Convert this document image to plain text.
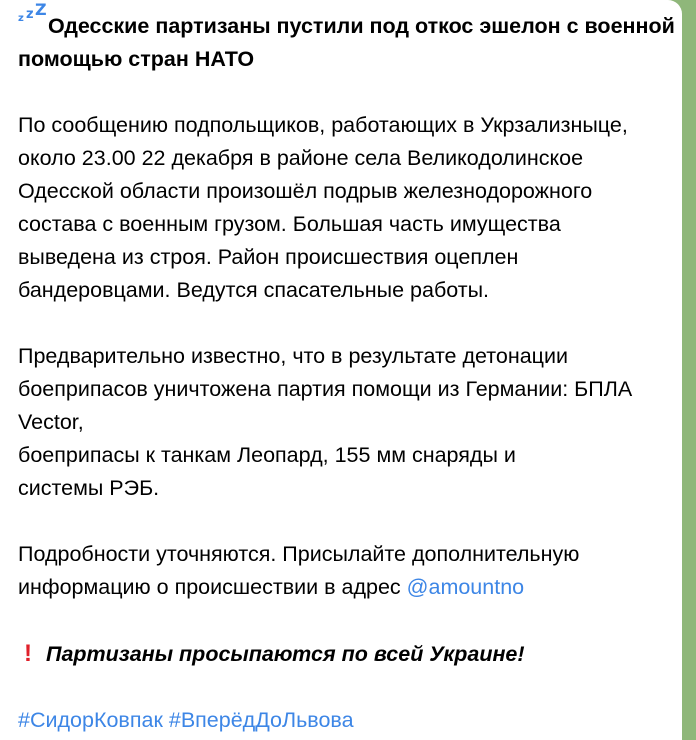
z z Z
Одесские партизаны пустили под откос эшелон с военной
помощью стран НАТО
По сообщению подпольщиков, работающих в Укрзализныце,
около 23.00 22 декабря в районе села Великодолинское
Одесской области произошёл подрыв железнодорожного
состава с военным грузом. Большая часть имущества
выведена из строя. Район происшествия оцеплен
бандеровцами. Ведутся спасательные работы.
Предварительно известно, что в результате детонации
боеприпасов уничтожена партия помощи из Германии: БПЛА
Vector,
боеприпасы к танкам Леопард, 155 мм снаряды и
системы РЭБ.
Подробности уточняются. Присылайте дополнительную
информацию о происшествии в адрес @amountno
! Партизаны просыпаются по всей Украине!
#СидорКовпак #ВперёдДоЛьвова
